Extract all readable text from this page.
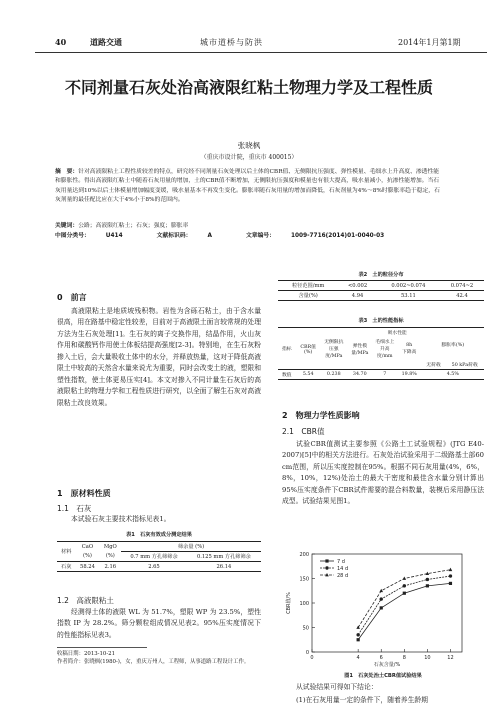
40	道路交通	城市道桥与防洪	2014年1月第1期
不同剂量石灰处治高液限红粘土物理力学及工程性质
张晓枫
（重庆市设计院，重庆市 400015）
摘　要：针对高液限粘土工程性质较差的特点，研究经不同剂量石灰处理以后土体的CBR值、无侧限抗压强度、弹性模量、毛细水上升高度、渗透性能和膨胀性。得出高液限红粘土中随着石灰用量的增加，土的CBR值不断增加，无侧限抗压强度和模量也有很大提高，吸水量减小，抗渗性能增加。当石灰用量达到10%以后土体模量增加幅度变缓，吸水量基本不再发生变化。膨胀率随石灰用量的增加而降低，石灰剂量为4%～8%时膨胀率趋于稳定，石灰剂量的最佳配比应在大于4%小于8%的范围内。
关键词：公路；高液限红粘土；石灰；强度；膨胀率
中图分类号：	U414	文献标识码：	A	文章编号：	1009-7716(2014)01-0040-03
0　前言
高液限粘土是地质坡残积物。岩性为含砾石粘土，由于含水量很高，用在路基中稳定性较差，目前对于高液限土面言较常规的处理方法为生石灰处理[1]。生石灰的离子交换作用，结晶作用，火山灰作用和碳酸钙作用使土体板结提高强度[2-3]。特别地，在生石灰粉掺入土后，会大量吸收土体中的水分，并释放热量，这对于降低高液限土中较高的天然含水量来说尤为重要，同时会改变土的液，塑限和塑性指数，使土体更易压实[4]。本文对掺入不同计量生石灰后的高液限粘土的物理力学和工程性质进行研究，以全面了解生石灰对高液限粘土改良效果。
1　原材料性质
1.1　石灰
本试验石灰主要技术指标见表1。
表1　石灰有效成分测定结果
材料	CaO	MgO	筛余量 (%)	
	(%)	(%)	0.7 mm 方孔筛筛余	0.125 mm 方孔筛筛余
石灰	58.24	2.16	2.65	26.14
1.2　高液限粘土
经测得土体的液限 WL 为 51.7%，塑限 WP 为 23.5%，塑性指数 IP 为 28.2%。筛分颗粒组成情况见表2。95%压实度情况下的性能指标见表3。
收稿日期：2013-10-21
作者简介：张晓枫(1980-)，女，重庆万州人，工程师，从事道路工程设计工作。
表2　土的粒径分布
粒径范围/mm	<0.002	0.002~0.074	0.074~2
含量(%)	4.94	53.11	42.4
表3　土的性能指标
指标	CBR值
(%)	无侧限抗压强度/MPa	弹性模量/MPa	吸水性能		膨胀率(%)	
				毛细水上升高度/mm	8h
下降高		
						无荷载	50 kPa荷载
数值	5.54	0.238	34.70	7	19.8%	4.5%	
2　物理力学性质影响
2.1　CBR值
试验CBR值测试主要参照《公路土工试验规程》(JTG E40-2007)[5]中的相关方法进行。石灰处治试验采用于二级路基土部60 cm范围，所以压实度控制在95%。根据不同石灰用量(4%，6%，8%，10%，12%)处治土的最大干密度和最佳含水量分别计算出95%压实度条件下CBR试件需要的混合料数量，装模后采用静压法成型。试验结果见图1。
0
50
100
150
200
0	4	6	8	10	12
石灰含量/%
CBR值/%
7 d
14 d
28 d
图1　石灰处治土CBR值试验结果
从试验结果可得如下结论：
(1)在石灰用量一定的条件下，随着养生龄期
